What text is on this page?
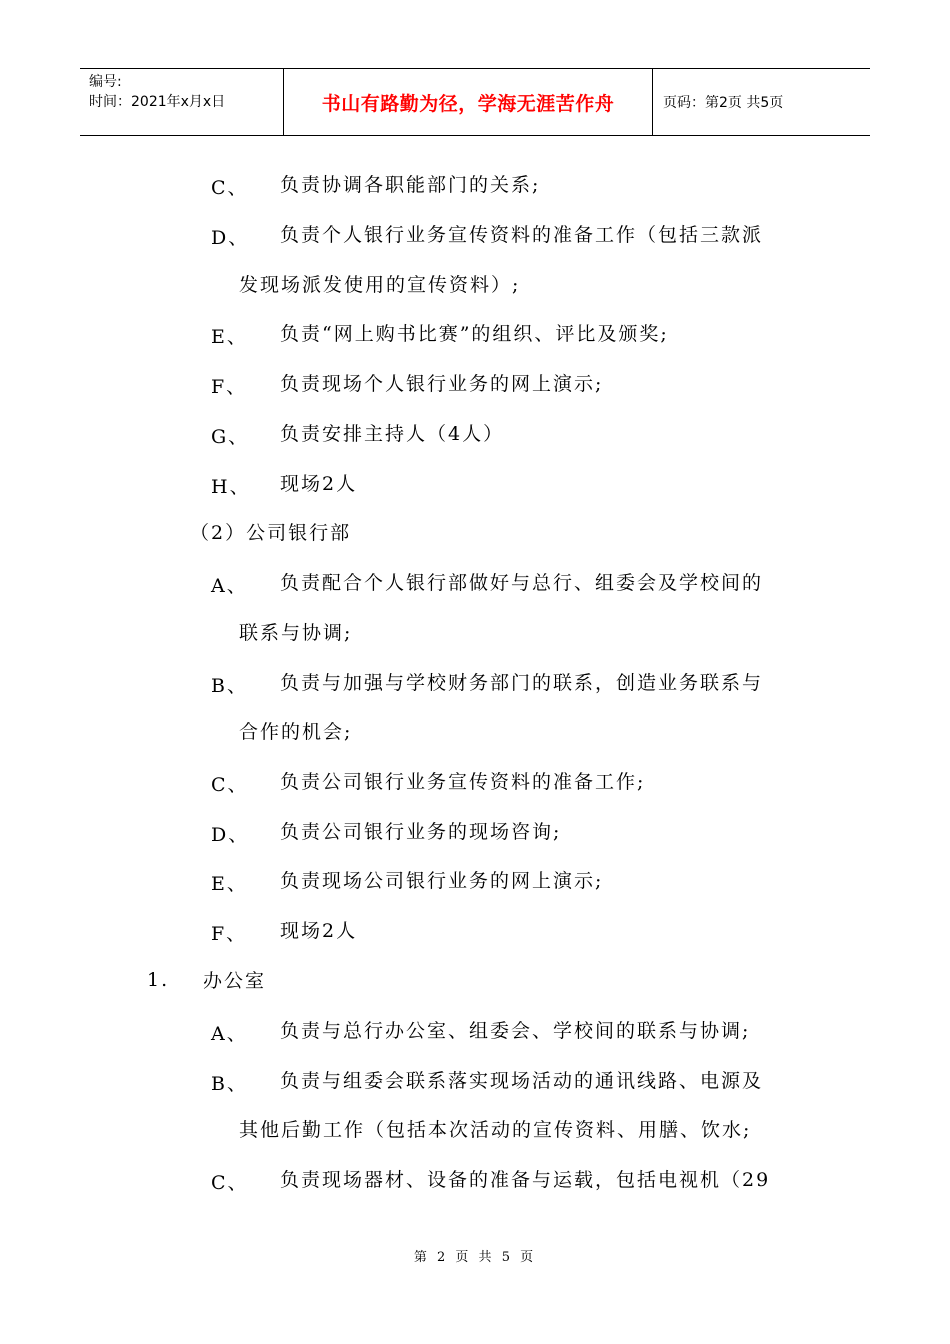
编号:
时间：2021年x月x日	书山有路勤为径，学海无涯苦作舟	页码：第2页 共5页
C、 负责协调各职能部门的关系;
D、 负责个人银行业务宣传资料的准备工作（包括三款派
发现场派发使用的宣传资料）;
E、 负责“网上购书比赛”的组织、评比及颁奖;
F、 负责现场个人银行业务的网上演示;
G、 负责安排主持人（4人）
H、 现场2人
（2）公司银行部
A、 负责配合个人银行部做好与总行、组委会及学校间的
联系与协调;
B、 负责与加强与学校财务部门的联系，创造业务联系与
合作的机会;
C、 负责公司银行业务宣传资料的准备工作;
D、 负责公司银行业务的现场咨询;
E、 负责现场公司银行业务的网上演示;
F、 现场2人
1. 办公室
A、 负责与总行办公室、组委会、学校间的联系与协调;
B、 负责与组委会联系落实现场活动的通讯线路、电源及
其他后勤工作（包括本次活动的宣传资料、用膳、饮水;
C、 负责现场器材、设备的准备与运载，包括电视机（29
第 2 页 共 5 页
